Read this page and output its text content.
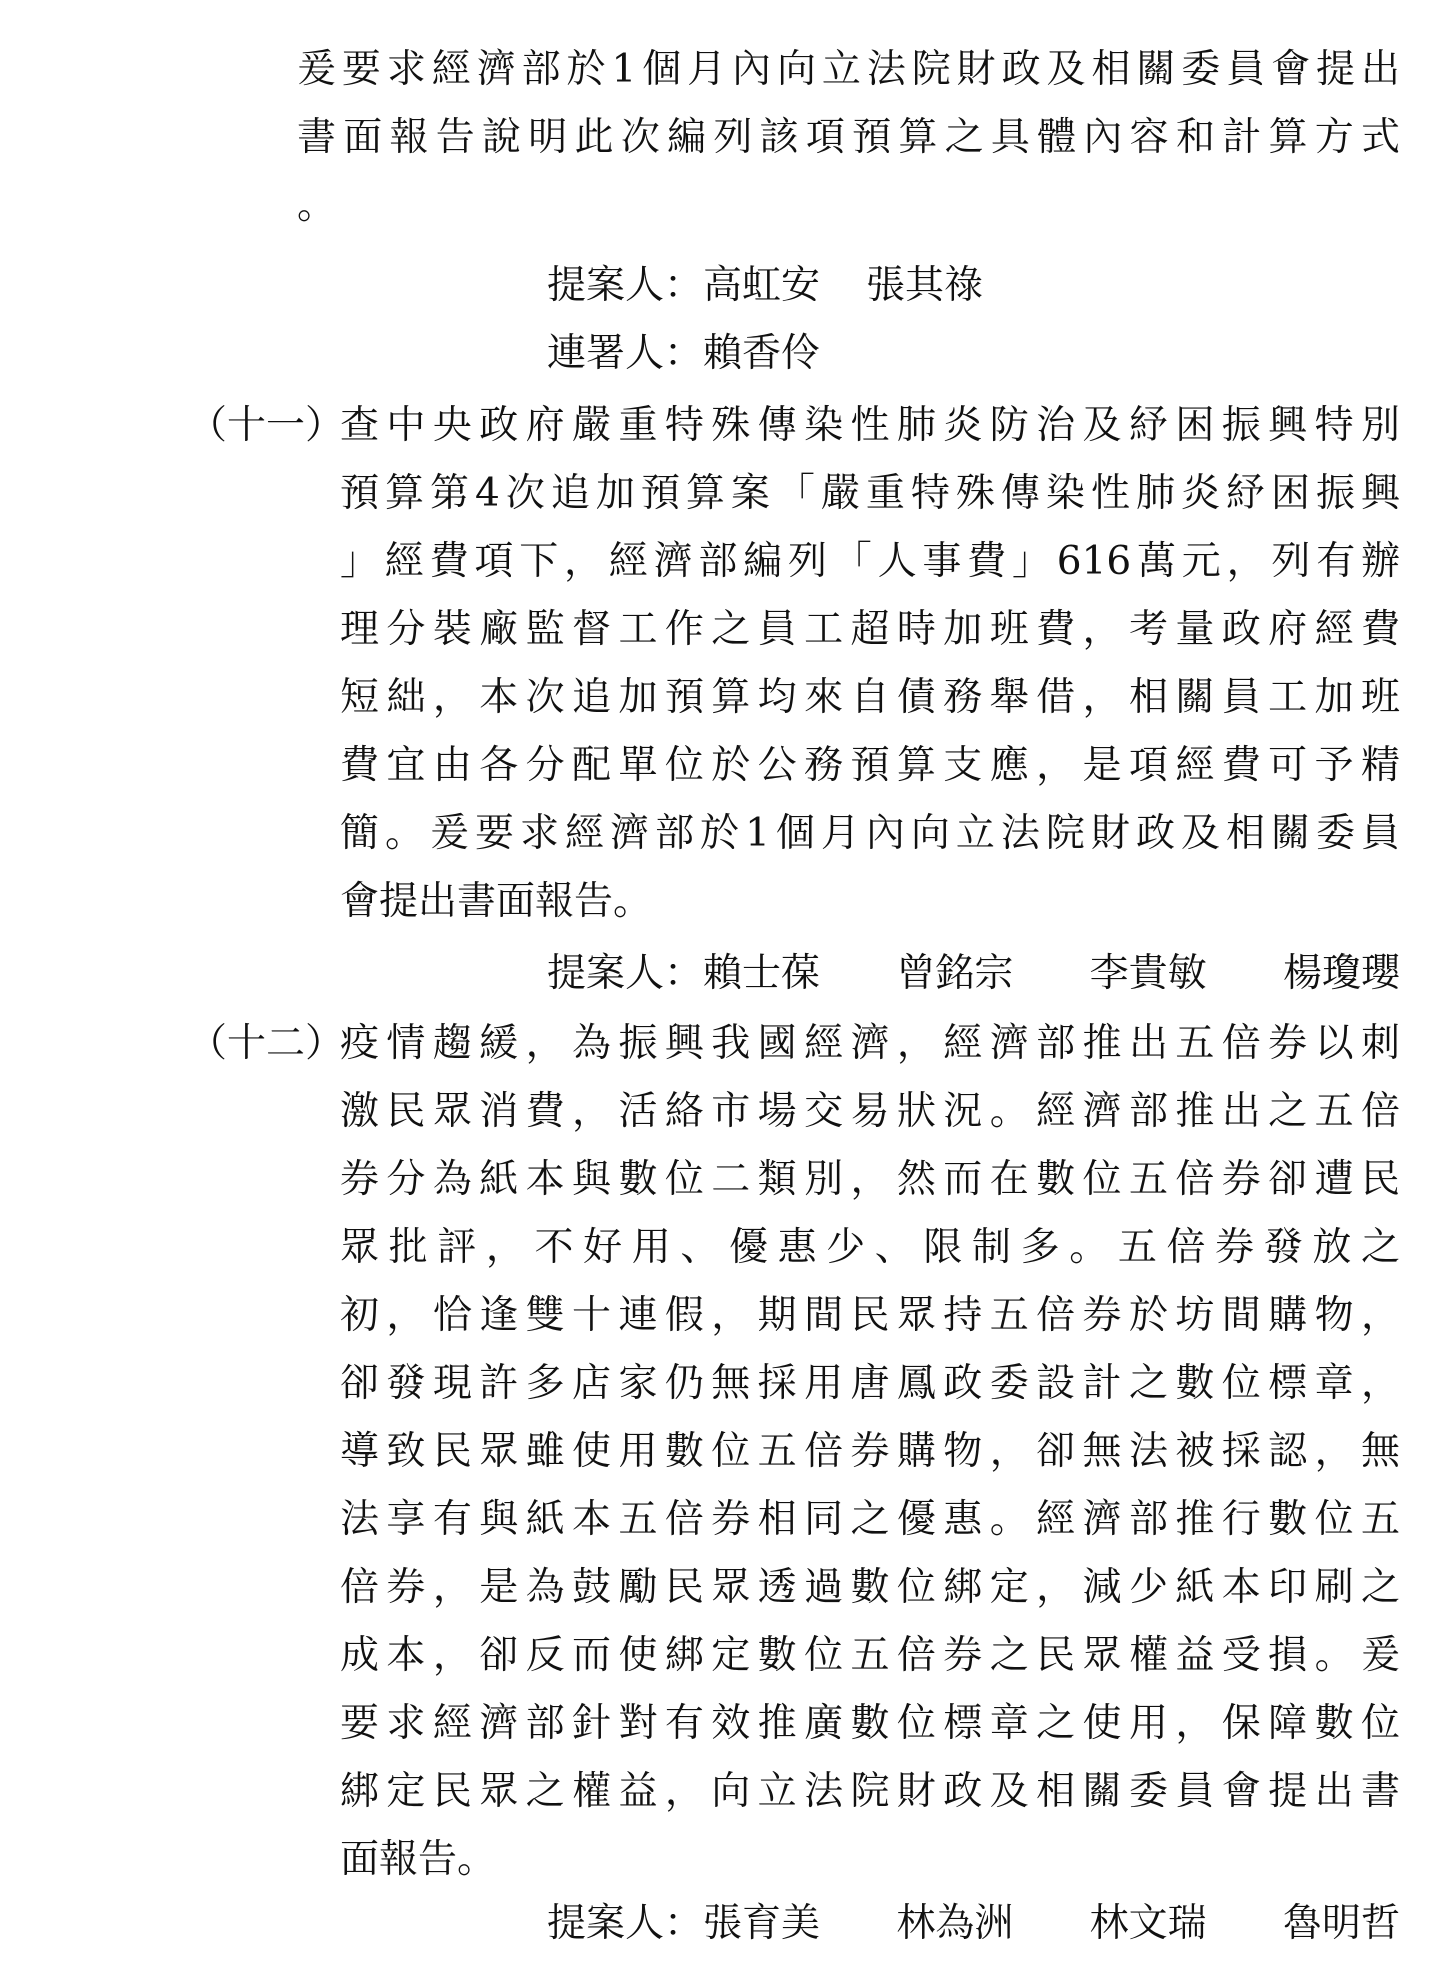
爰要求經濟部於1個月內向立法院財政及相關委員會提出
書面報告說明此次編列該項預算之具體內容和計算方式
。
提案人：高虹安 張其祿
連署人：賴香伶
（十一）
查中央政府嚴重特殊傳染性肺炎防治及紓困振興特別
預算第4次追加預算案「嚴重特殊傳染性肺炎紓困振興
」經費項下，經濟部編列「人事費」616萬元，列有辦
理分裝廠監督工作之員工超時加班費，考量政府經費
短絀，本次追加預算均來自債務舉借，相關員工加班
費宜由各分配單位於公務預算支應，是項經費可予精
簡。爰要求經濟部於1個月內向立法院財政及相關委員
會提出書面報告。
提案人： 賴士葆 曾銘宗 李貴敏 楊瓊瓔
（十二）
疫情趨緩，為振興我國經濟，經濟部推出五倍券以刺
激民眾消費，活絡市場交易狀況。經濟部推出之五倍
券分為紙本與數位二類別，然而在數位五倍券卻遭民
眾批評，不好用、優惠少、限制多。五倍券發放之
初，恰逢雙十連假，期間民眾持五倍券於坊間購物，
卻發現許多店家仍無採用唐鳳政委設計之數位標章，
導致民眾雖使用數位五倍券購物，卻無法被採認，無
法享有與紙本五倍券相同之優惠。經濟部推行數位五
倍券，是為鼓勵民眾透過數位綁定，減少紙本印刷之
成本，卻反而使綁定數位五倍券之民眾權益受損。爰
要求經濟部針對有效推廣數位標章之使用，保障數位
綁定民眾之權益，向立法院財政及相關委員會提出書
面報告。
提案人： 張育美 林為洲 林文瑞 魯明哲
